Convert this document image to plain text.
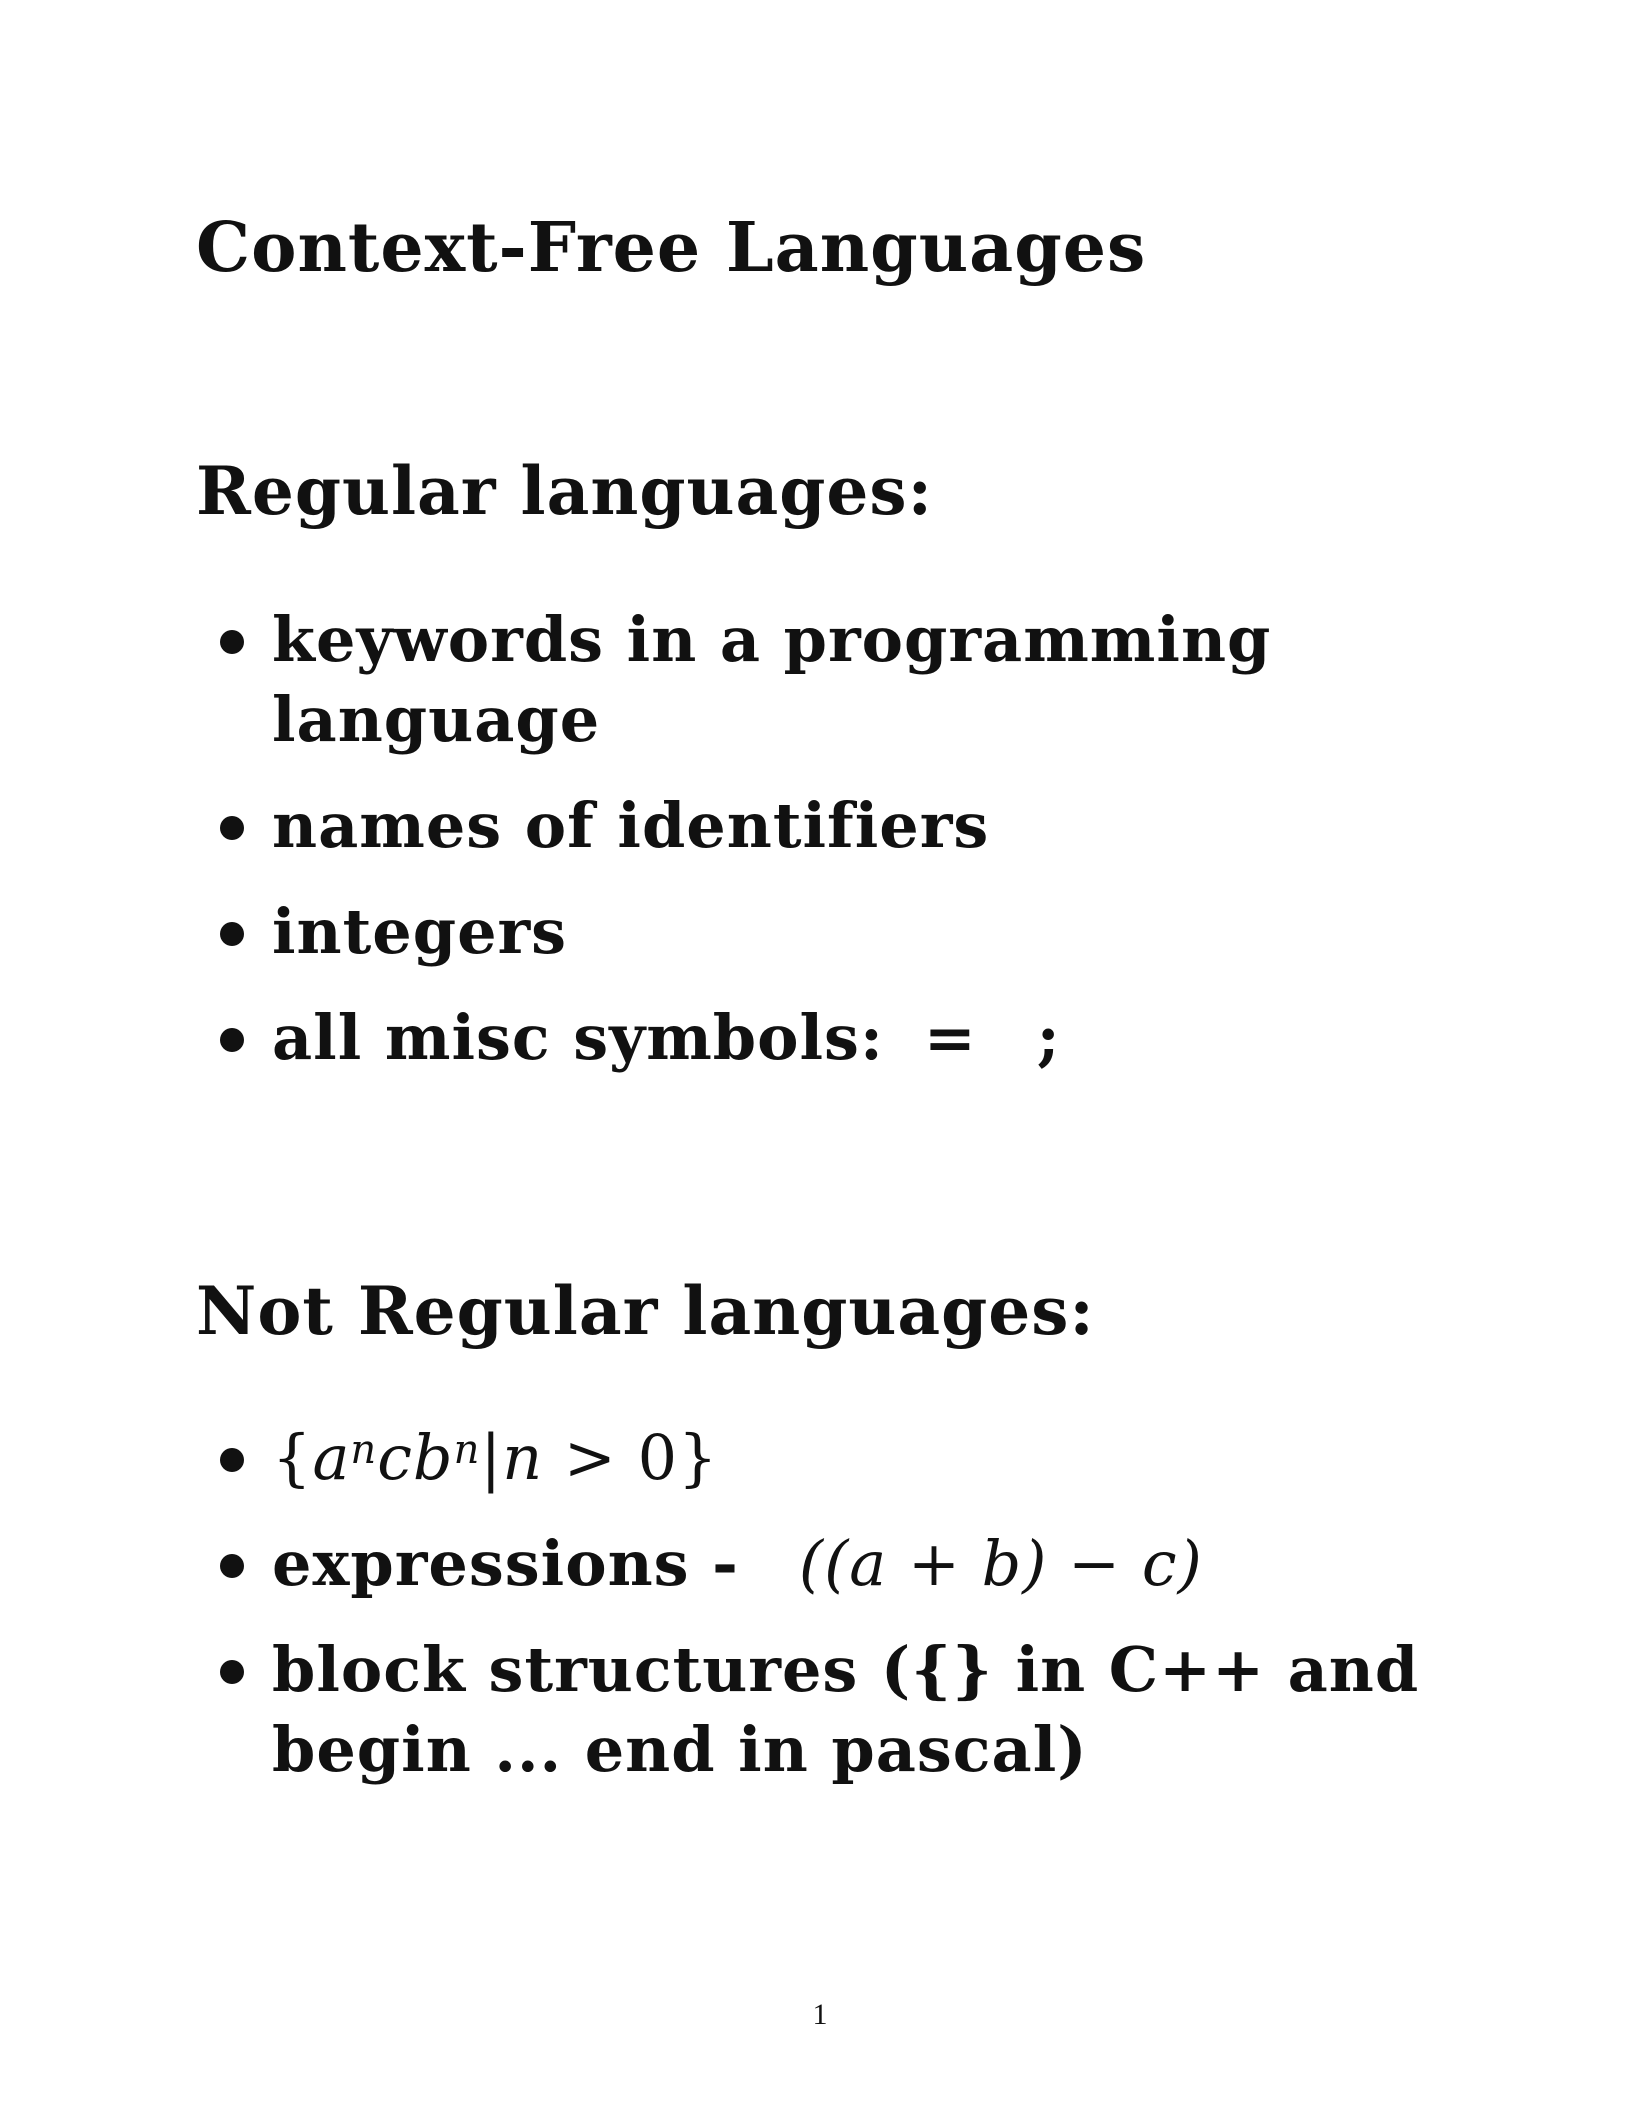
Context-Free Languages
Regular languages:
keywords in a programming
language
names of identifiers
integers
all misc symbols: = ;
Not Regular languages:
$\{a^ncb^n|n > 0\}$
expressions - ((a + b) − c)
block structures ({} in C++ and
begin ... end in pascal)
1
